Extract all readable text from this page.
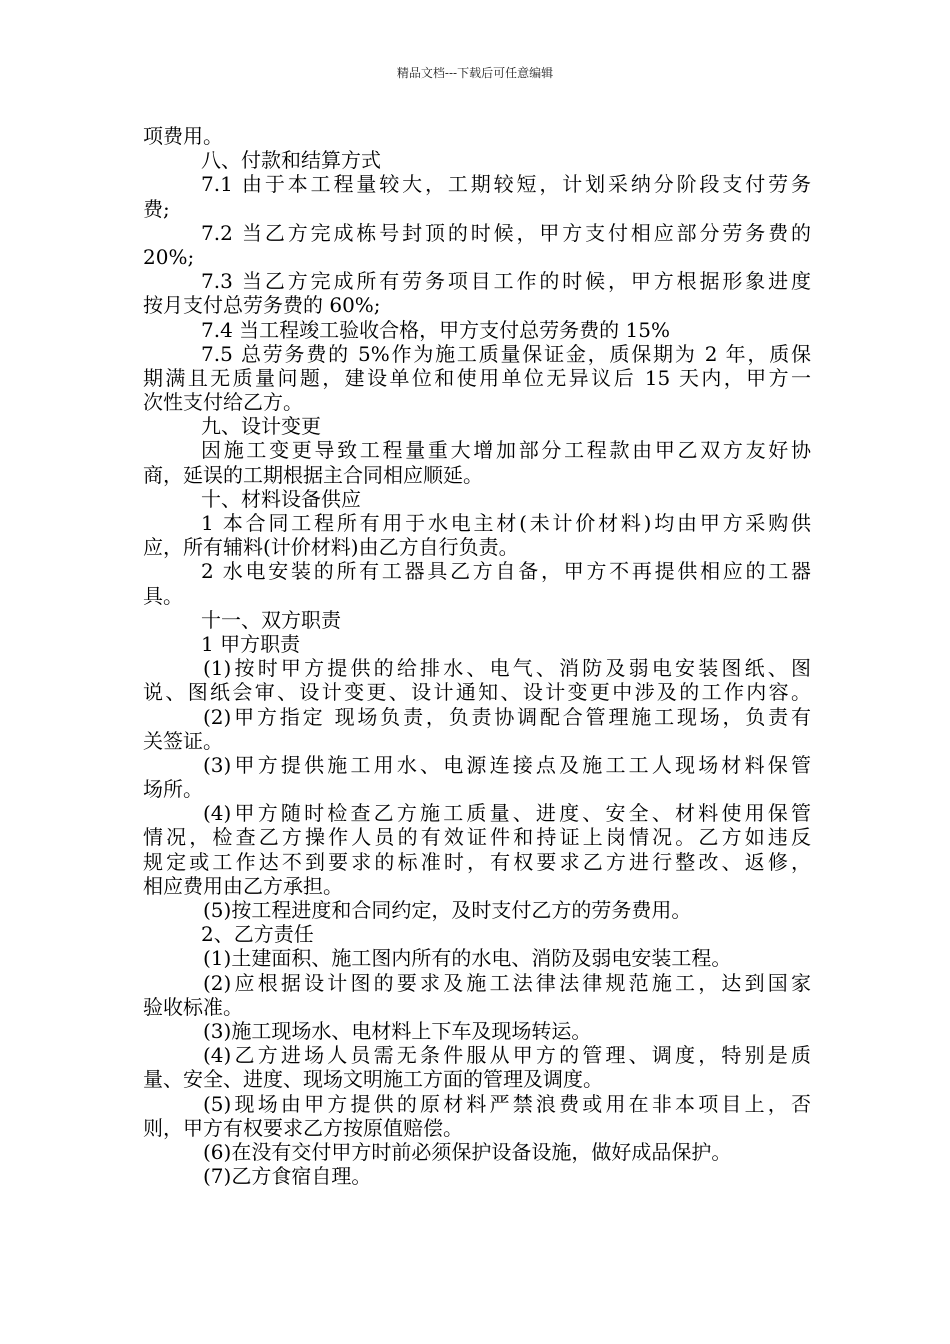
精品文档---下载后可任意编辑
项费用。
八、付款和结算方式
7.1 由于本工程量较大，工期较短，计划采纳分阶段支付劳务
费;
7.2 当乙方完成栋号封顶的时候，甲方支付相应部分劳务费的
20%;
7.3 当乙方完成所有劳务项目工作的时候，甲方根据形象进度
按月支付总劳务费的 60%;
7.4 当工程竣工验收合格，甲方支付总劳务费的 15%
7.5 总劳务费的 5%作为施工质量保证金，质保期为 2 年，质保
期满且无质量问题，建设单位和使用单位无异议后 15 天内，甲方一
次性支付给乙方。
九、设计变更
因施工变更导致工程量重大增加部分工程款由甲乙双方友好协
商，延误的工期根据主合同相应顺延。
十、材料设备供应
1 本合同工程所有用于水电主材(未计价材料)均由甲方采购供
应，所有辅料(计价材料)由乙方自行负责。
2 水电安装的所有工器具乙方自备，甲方不再提供相应的工器
具。
十一、双方职责
1 甲方职责
(1)按时甲方提供的给排水、电气、消防及弱电安装图纸、图
说、图纸会审、设计变更、设计通知、设计变更中涉及的工作内容。
(2)甲方指定 现场负责，负责协调配合管理施工现场，负责有
关签证。
(3)甲方提供施工用水、电源连接点及施工工人现场材料保管
场所。
(4)甲方随时检查乙方施工质量、进度、安全、材料使用保管
情况，检查乙方操作人员的有效证件和持证上岗情况。乙方如违反
规定或工作达不到要求的标准时，有权要求乙方进行整改、返修，
相应费用由乙方承担。
(5)按工程进度和合同约定，及时支付乙方的劳务费用。
2、乙方责任
(1)土建面积、施工图内所有的水电、消防及弱电安装工程。
(2)应根据设计图的要求及施工法律法律规范施工，达到国家
验收标准。
(3)施工现场水、电材料上下车及现场转运。
(4)乙方进场人员需无条件服从甲方的管理、调度，特别是质
量、安全、进度、现场文明施工方面的管理及调度。
(5)现场由甲方提供的原材料严禁浪费或用在非本项目上，否
则，甲方有权要求乙方按原值赔偿。
(6)在没有交付甲方时前必须保护设备设施，做好成品保护。
(7)乙方食宿自理。
